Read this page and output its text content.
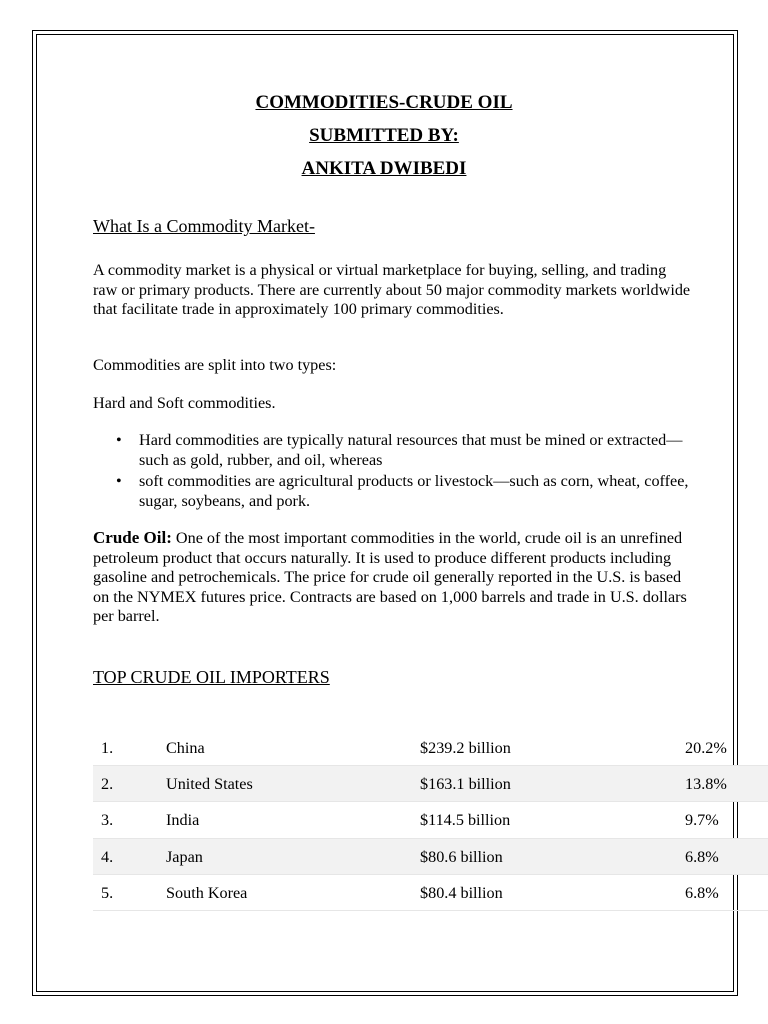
COMMODITIES-CRUDE OIL

SUBMITTED BY:

ANKITA DWIBEDI

What Is a Commodity Market-

A commodity market is a physical or virtual marketplace for buying, selling, and trading raw or primary products. There are currently about 50 major commodity markets worldwide that facilitate trade in approximately 100 primary commodities.

Commodities are split into two types:

Hard and Soft commodities.

• Hard commodities are typically natural resources that must be mined or extracted—such as gold, rubber, and oil, whereas
• soft commodities are agricultural products or livestock—such as corn, wheat, coffee, sugar, soybeans, and pork.

Crude Oil: One of the most important commodities in the world, crude oil is an unrefined petroleum product that occurs naturally. It is used to produce different products including gasoline and petrochemicals. The price for crude oil generally reported in the U.S. is based on the NYMEX futures price. Contracts are based on 1,000 barrels and trade in U.S. dollars per barrel.

TOP CRUDE OIL IMPORTERS
1.	China	$239.2 billion	20.2%
2.	United States	$163.1 billion	13.8%
3.	India	$114.5 billion	9.7%
4.	Japan	$80.6 billion	6.8%
5.	South Korea	$80.4 billion	6.8%
